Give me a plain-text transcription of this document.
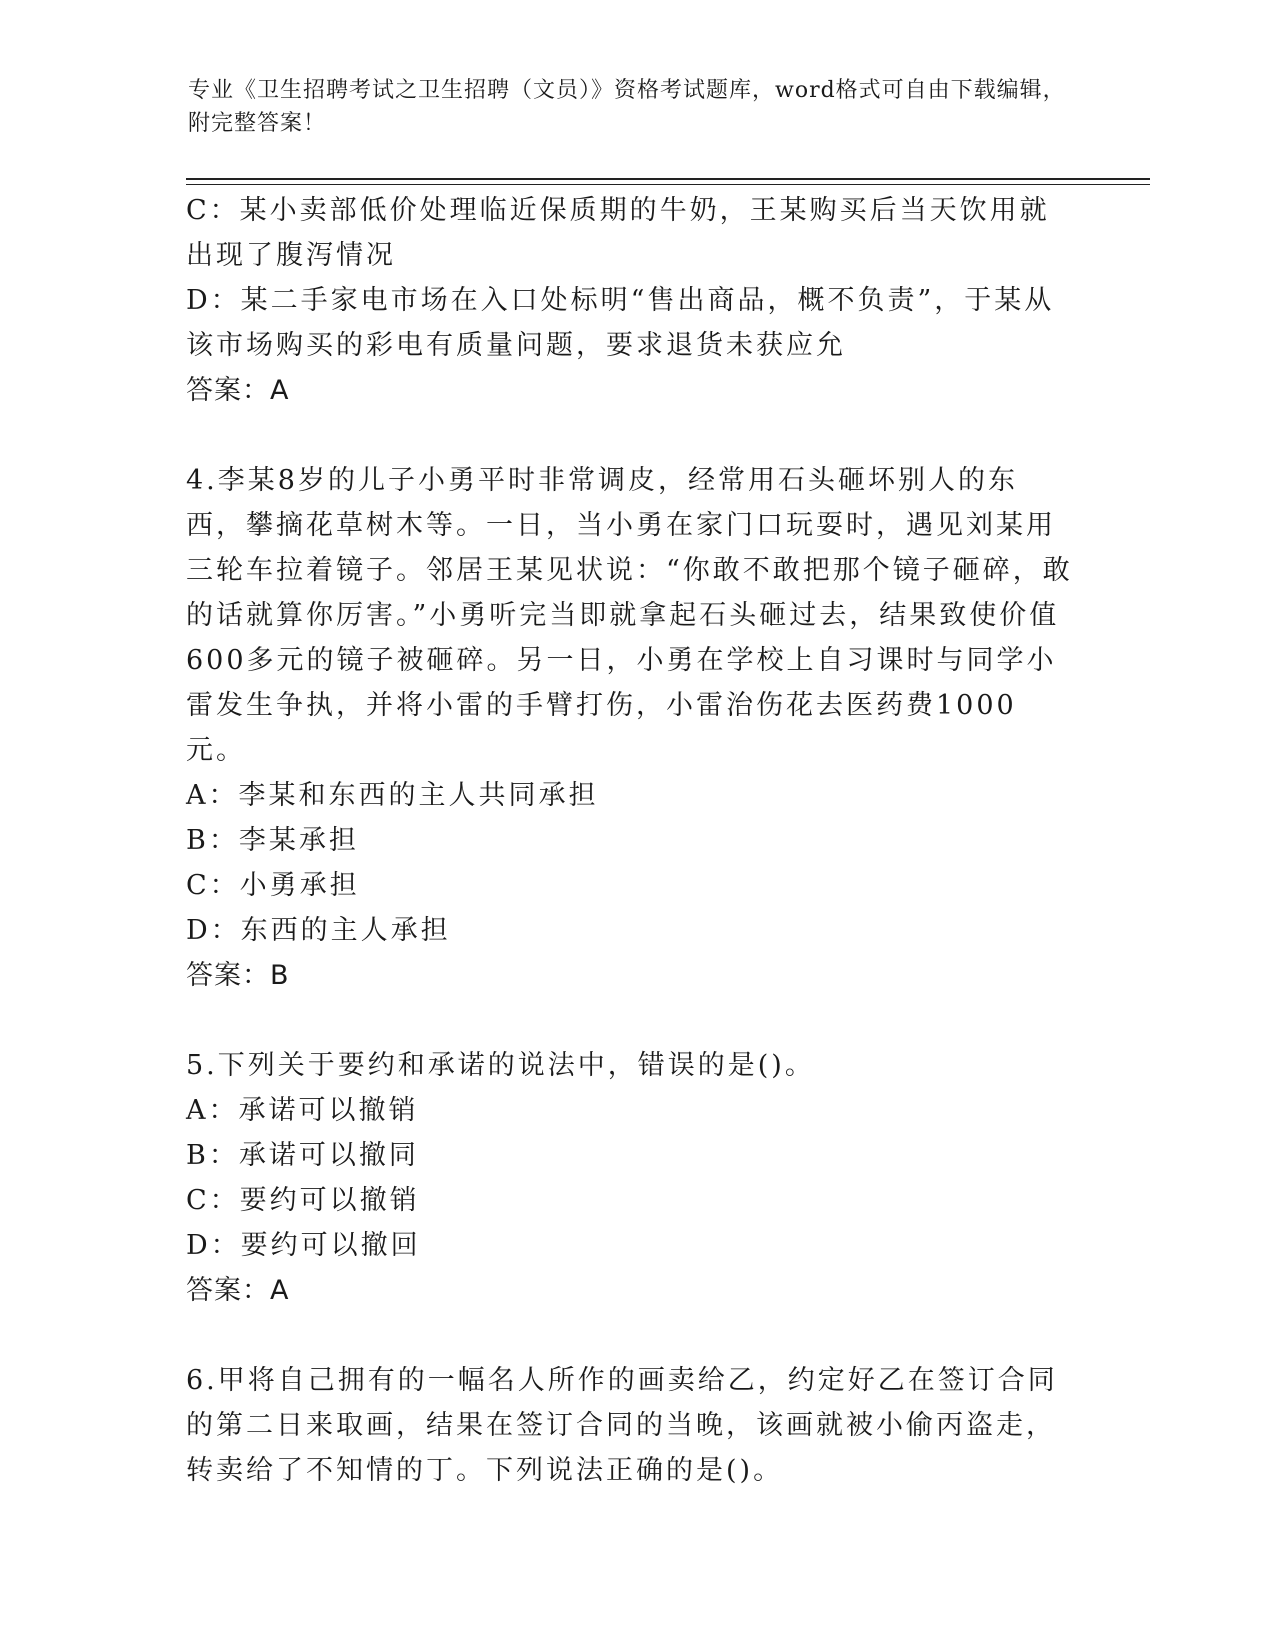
专业《卫生招聘考试之卫生招聘（文员）》资格考试题库，word格式可自由下载编辑，附完整答案！

C：某小卖部低价处理临近保质期的牛奶，王某购买后当天饮用就出现了腹泻情况

D：某二手家电市场在入口处标明“售出商品，概不负责”，于某从该市场购买的彩电有质量问题，要求退货未获应允

答案：A

4.李某8岁的儿子小勇平时非常调皮，经常用石头砸坏别人的东西，攀摘花草树木等。一日，当小勇在家门口玩耍时，遇见刘某用三轮车拉着镜子。邻居王某见状说：“你敢不敢把那个镜子砸碎，敢的话就算你厉害。”小勇听完当即就拿起石头砸过去，结果致使价值600多元的镜子被砸碎。另一日，小勇在学校上自习课时与同学小雷发生争执，并将小雷的手臂打伤，小雷治伤花去医药费1000元。

A：李某和东西的主人共同承担

B：李某承担

C：小勇承担

D：东西的主人承担

答案：B

5.下列关于要约和承诺的说法中，错误的是()。

A：承诺可以撤销

B：承诺可以撤同

C：要约可以撤销

D：要约可以撤回

答案：A

6.甲将自己拥有的一幅名人所作的画卖给乙，约定好乙在签订合同的第二日来取画，结果在签订合同的当晚，该画就被小偷丙盗走，转卖给了不知情的丁。下列说法正确的是()。
